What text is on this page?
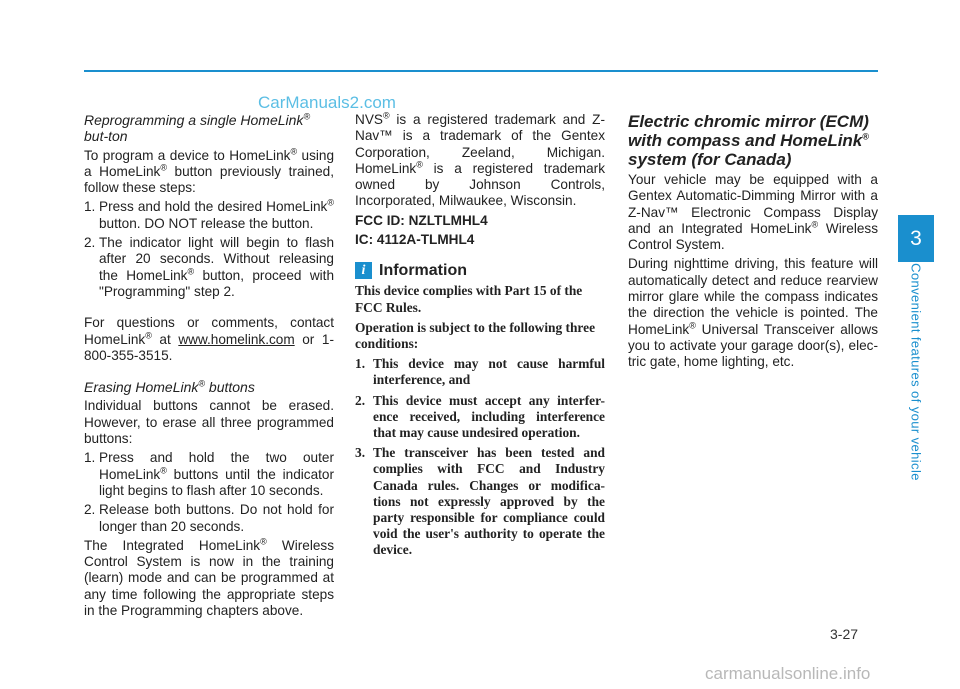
CarManuals2.com

Reprogramming a single HomeLink® but-ton

To program a device to HomeLink® using a HomeLink® button previously trained, follow these steps:

1. Press and hold the desired HomeLink® button. DO NOT release the button.
2. The indicator light will begin to flash after 20 seconds. Without releasing the HomeLink® button, proceed with "Programming" step 2.

For questions or comments, contact HomeLink® at www.homelink.com or 1-800-355-3515.

Erasing HomeLink® buttons

Individual buttons cannot be erased. However, to erase all three programmed buttons:

1. Press and hold the two outer HomeLink® buttons until the indicator light begins to flash after 10 seconds.
2. Release both buttons. Do not hold for longer than 20 seconds.

The Integrated HomeLink® Wireless Control System is now in the training (learn) mode and can be programmed at any time following the appropriate steps in the Programming chapters above.

NVS® is a registered trademark and Z-Nav™ is a trademark of the Gentex Corporation, Zeeland, Michigan. HomeLink® is a registered trademark owned by Johnson Controls, Incorporated, Milwaukee, Wisconsin.

FCC ID: NZLTLMHL4

IC: 4112A-TLMHL4

i Information

This device complies with Part 15 of the FCC Rules.

Operation is subject to the following three conditions:

1. This device may not cause harmful interference, and
2. This device must accept any interfer-ence received, including interference that may cause undesired operation.
3. The transceiver has been tested and complies with FCC and Industry Canada rules. Changes or modifica-tions not expressly approved by the party responsible for compliance could void the user's authority to operate the device.

Electric chromic mirror (ECM) with compass and HomeLink®
system (for Canada)

Your vehicle may be equipped with a Gentex Automatic-Dimming Mirror with a Z-Nav™ Electronic Compass Display and an Integrated HomeLink® Wireless Control System.

During nighttime driving, this feature will automatically detect and reduce rearview mirror glare while the compass indicates the direction the vehicle is pointed. The HomeLink® Universal Transceiver allows you to activate your garage door(s), elec-tric gate, home lighting, etc.

3
Convenient features of your vehicle
3-27
carmanualsonline.info
